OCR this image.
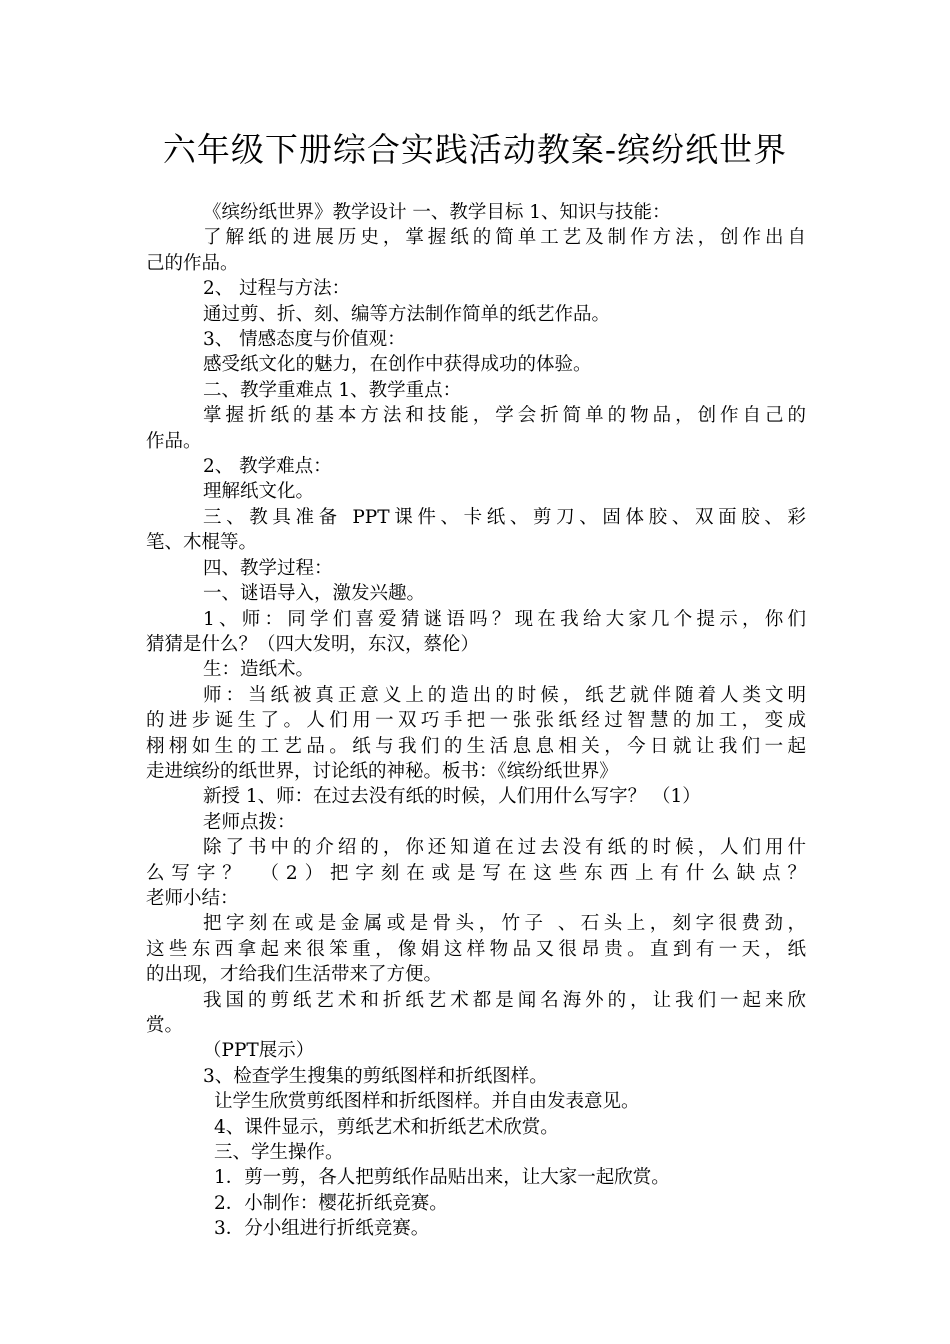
六年级下册综合实践活动教案-缤纷纸世界

《缤纷纸世界》教学设计 一、教学目标 1、知识与技能：

了解纸的进展历史，掌握纸的简单工艺及制作方法，创作出自

己的作品。

2、 过程与方法：

通过剪、折、刻、编等方法制作简单的纸艺作品。

3、 情感态度与价值观：

感受纸文化的魅力，在创作中获得成功的体验。

二、教学重难点 1、教学重点：

掌握折纸的基本方法和技能，学会折简单的物品，创作自己的

作品。

2、 教学难点：

理解纸文化。

三、教具准备 PPT课件、卡纸、剪刀、固体胶、双面胶、彩

笔、木棍等。

四、教学过程：

一、谜语导入，激发兴趣。

1、师：同学们喜爱猜谜语吗？现在我给大家几个提示，你们

猜猜是什么？（四大发明，东汉，蔡伦）

生：造纸术。

师：当纸被真正意义上的造出的时候，纸艺就伴随着人类文明

的进步诞生了。人们用一双巧手把一张张纸经过智慧的加工，变成

栩栩如生的工艺品。纸与我们的生活息息相关，今日就让我们一起

走进缤纷的纸世界，讨论纸的神秘。板书：《缤纷纸世界》

新授 1、师：在过去没有纸的时候，人们用什么写字？ （1）

老师点拨：

除了书中的介绍的，你还知道在过去没有纸的时候，人们用什

么写字？ （2）把字刻在或是写在这些东西上有什么缺点？

老师小结：

把字刻在或是金属或是骨头，竹子 、石头上，刻字很费劲，

这些东西拿起来很笨重，像娟这样物品又很昂贵。直到有一天，纸

的出现，才给我们生活带来了方便。

我国的剪纸艺术和折纸艺术都是闻名海外的，让我们一起来欣

赏。

（PPT展示）

3、检查学生搜集的剪纸图样和折纸图样。

让学生欣赏剪纸图样和折纸图样。并自由发表意见。

4、课件显示，剪纸艺术和折纸艺术欣赏。

三、学生操作。

1．剪一剪，各人把剪纸作品贴出来，让大家一起欣赏。

2．小制作：樱花折纸竞赛。

3．分小组进行折纸竞赛。
